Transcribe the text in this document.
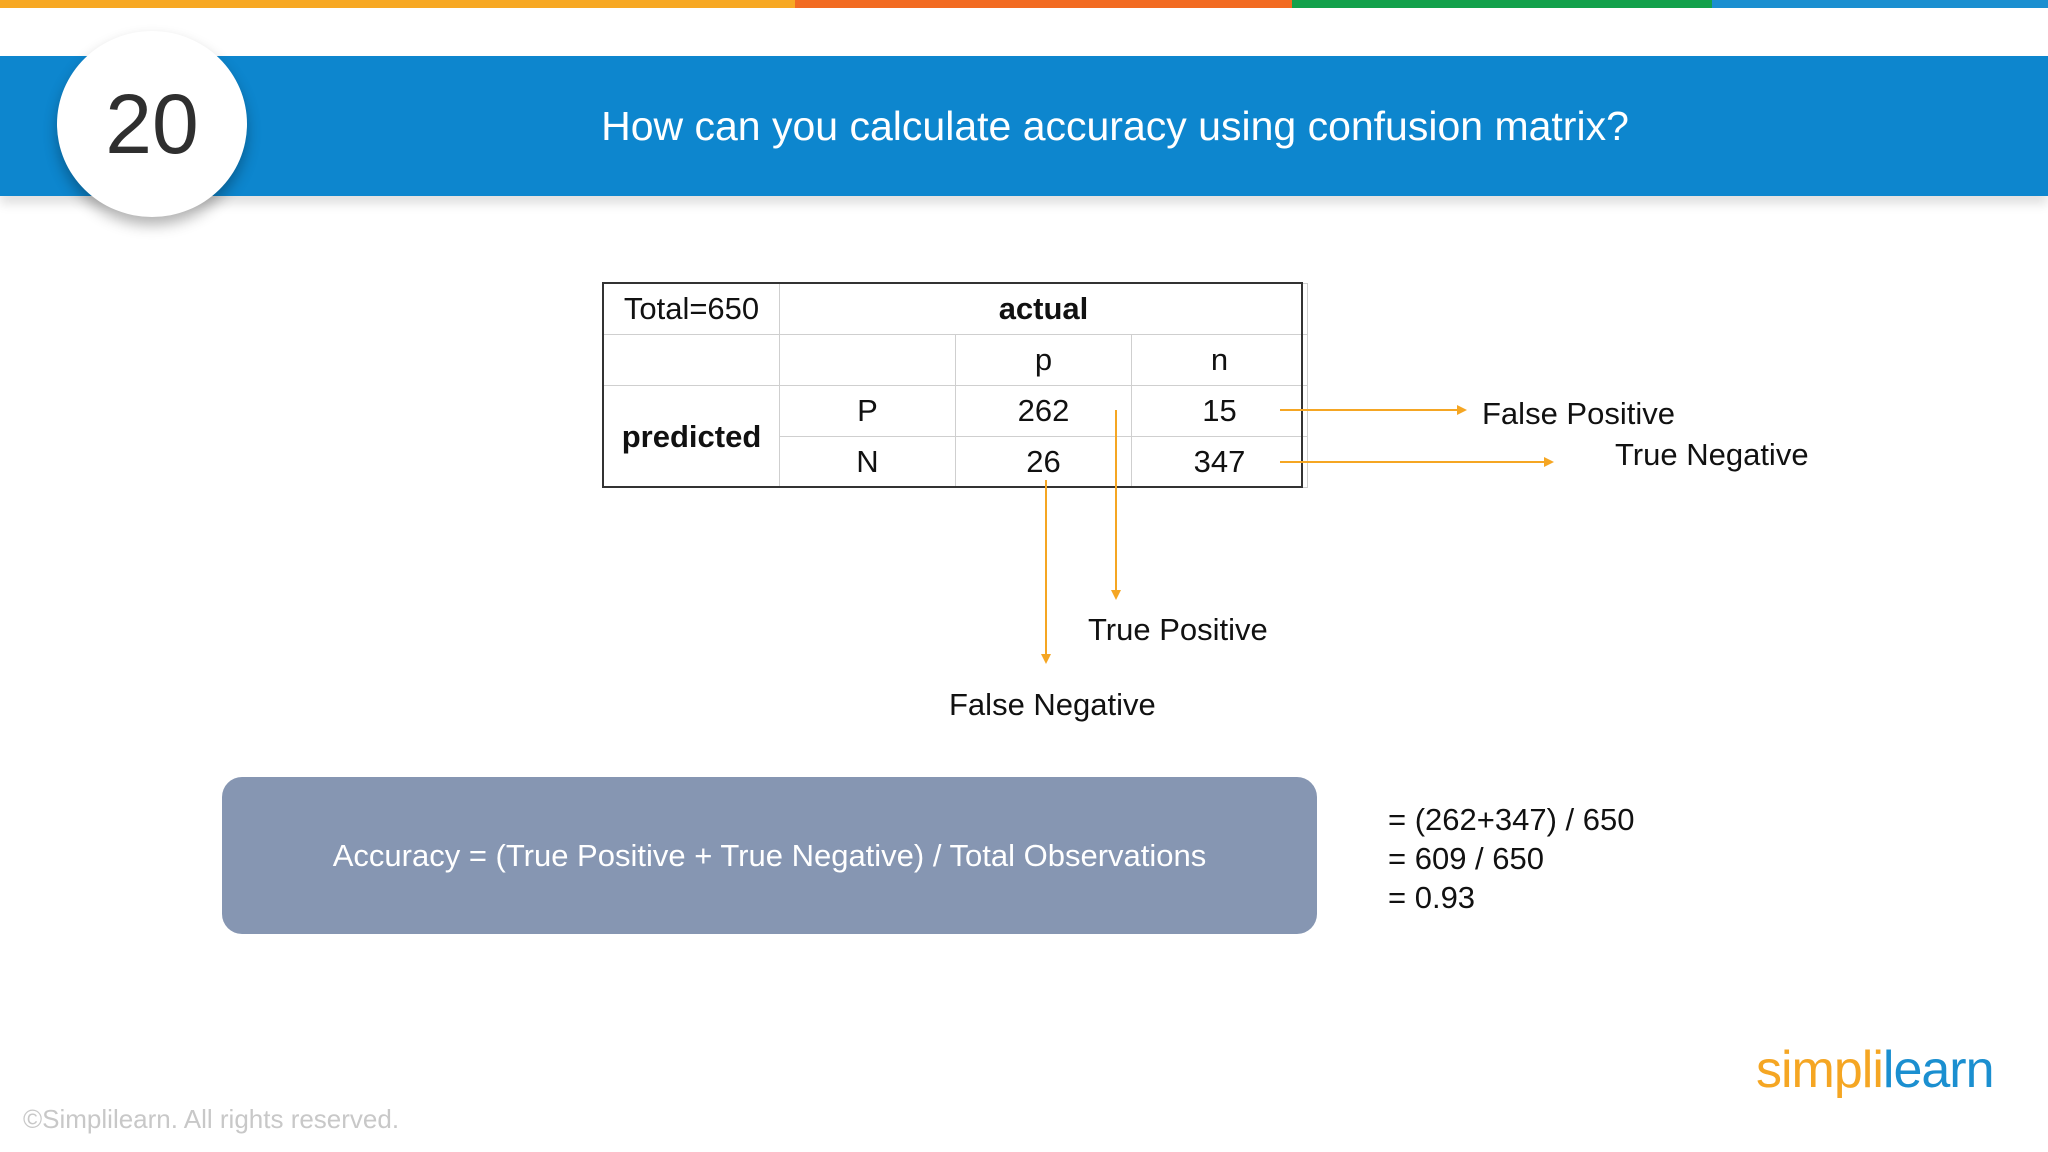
How can you calculate accuracy using confusion matrix?
20
Total=650	actual		
		p	n
predicted	P	262	15
	N	26	347
False Positive
True Negative
True Positive
False Negative
Accuracy = (True Positive + True Negative) / Total Observations
= (262+347) / 650
= 609 / 650
= 0.93
simplilearn
©Simplilearn. All rights reserved.
